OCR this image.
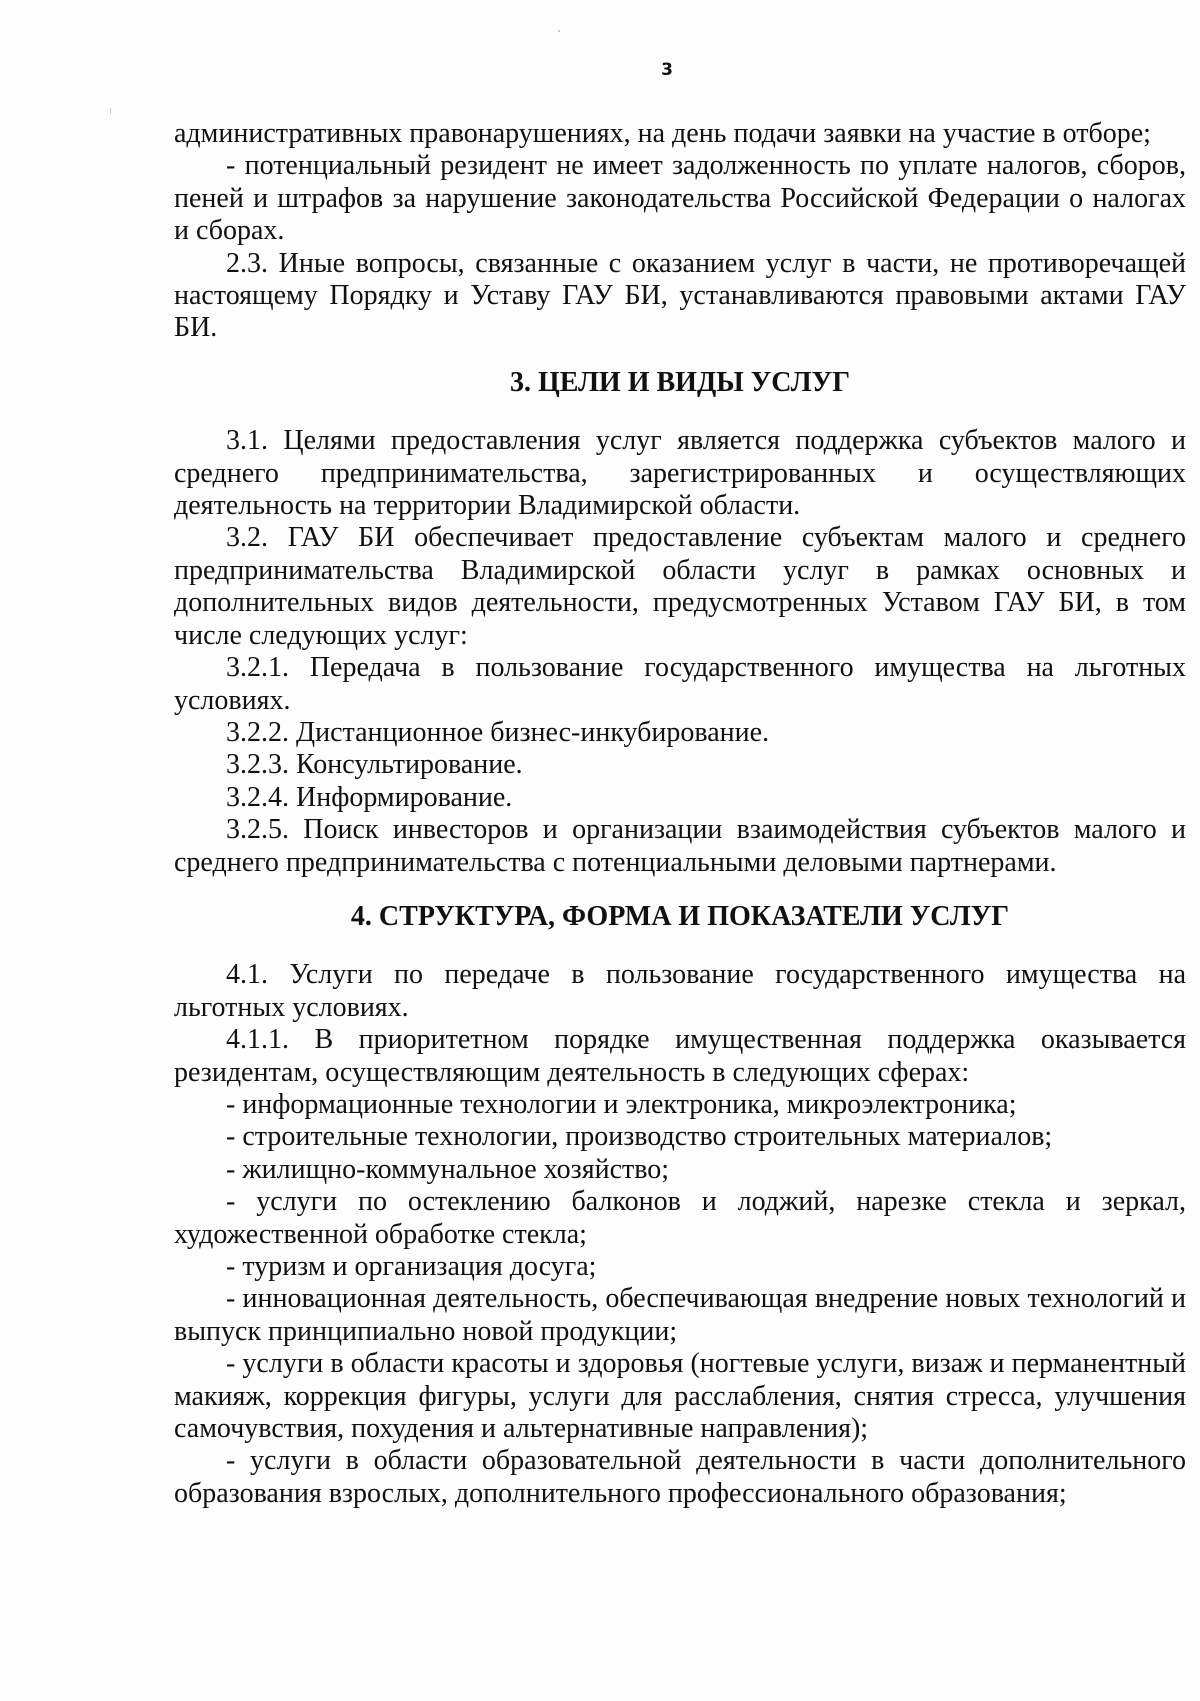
3

административных правонарушениях, на день подачи заявки на участие в отборе;

- потенциальный резидент не имеет задолженность по уплате налогов, сборов, пеней и штрафов за нарушение законодательства Российской Федерации о налогах и сборах.

2.3. Иные вопросы, связанные с оказанием услуг в части, не противоречащей настоящему Порядку и Уставу ГАУ БИ, устанавливаются правовыми актами ГАУ БИ.

3. ЦЕЛИ И ВИДЫ УСЛУГ

3.1. Целями предоставления услуг является поддержка субъектов малого и среднего предпринимательства, зарегистрированных и осуществляющих деятельность на территории Владимирской области.

3.2. ГАУ БИ обеспечивает предоставление субъектам малого и среднего предпринимательства Владимирской области услуг в рамках основных и дополнительных видов деятельности, предусмотренных Уставом ГАУ БИ, в том числе следующих услуг:

3.2.1. Передача в пользование государственного имущества на льготных условиях.

3.2.2. Дистанционное бизнес-инкубирование.

3.2.3. Консультирование.

3.2.4. Информирование.

3.2.5. Поиск инвесторов и организации взаимодействия субъектов малого и среднего предпринимательства с потенциальными деловыми партнерами.

4. СТРУКТУРА, ФОРМА И ПОКАЗАТЕЛИ УСЛУГ

4.1. Услуги по передаче в пользование государственного имущества на льготных условиях.

4.1.1. В приоритетном порядке имущественная поддержка оказывается резидентам, осуществляющим деятельность в следующих сферах:

- информационные технологии и электроника, микроэлектроника;

- строительные технологии, производство строительных материалов;

- жилищно-коммунальное хозяйство;

- услуги по остеклению балконов и лоджий, нарезке стекла и зеркал, художественной обработке стекла;

- туризм и организация досуга;

- инновационная деятельность, обеспечивающая внедрение новых технологий и выпуск принципиально новой продукции;

- услуги в области красоты и здоровья (ногтевые услуги, визаж и перманентный макияж, коррекция фигуры, услуги для расслабления, снятия стресса, улучшения самочувствия, похудения и альтернативные направления);

- услуги в области образовательной деятельности в части дополнительного образования взрослых, дополнительного профессионального образования;
